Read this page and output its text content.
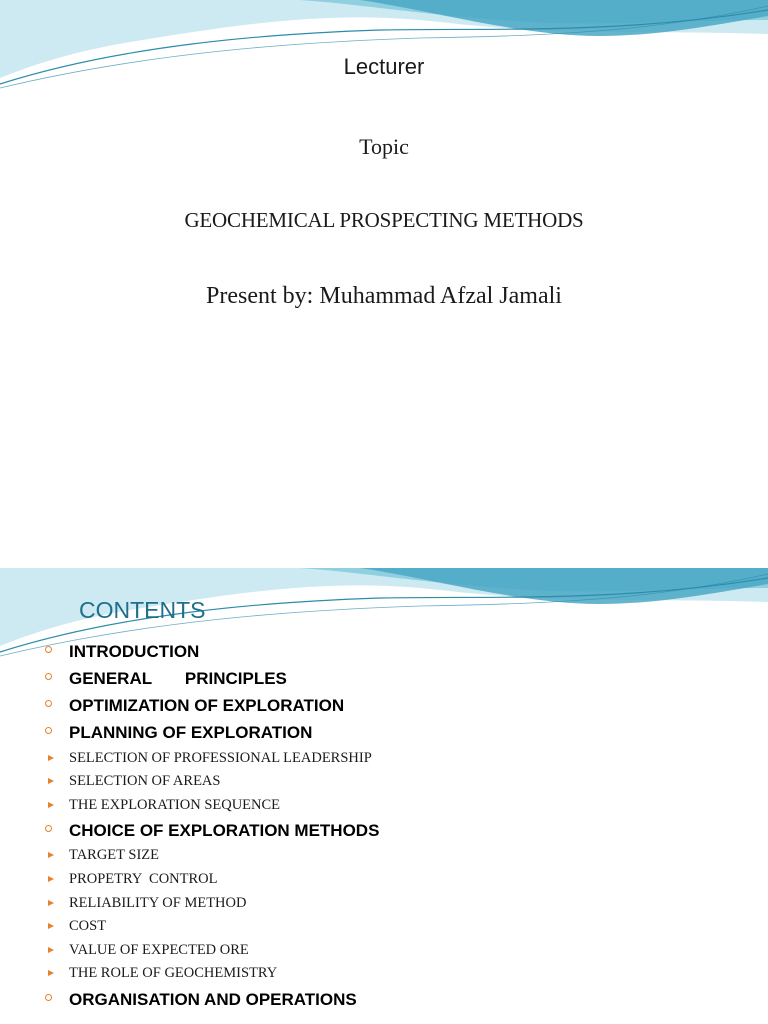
Lecturer
Topic
GEOCHEMICAL PROSPECTING METHODS
Present by: Muhammad Afzal Jamali
CONTENTS
INTRODUCTION
GENERAL       PRINCIPLES
OPTIMIZATION OF EXPLORATION
PLANNING OF EXPLORATION
SELECTION OF PROFESSIONAL LEADERSHIP
SELECTION OF AREAS
THE EXPLORATION SEQUENCE
CHOICE OF EXPLORATION METHODS
TARGET SIZE
PROPETRY  CONTROL
RELIABILITY OF METHOD
COST
VALUE OF EXPECTED ORE
THE ROLE OF GEOCHEMISTRY
ORGANISATION AND OPERATIONS
